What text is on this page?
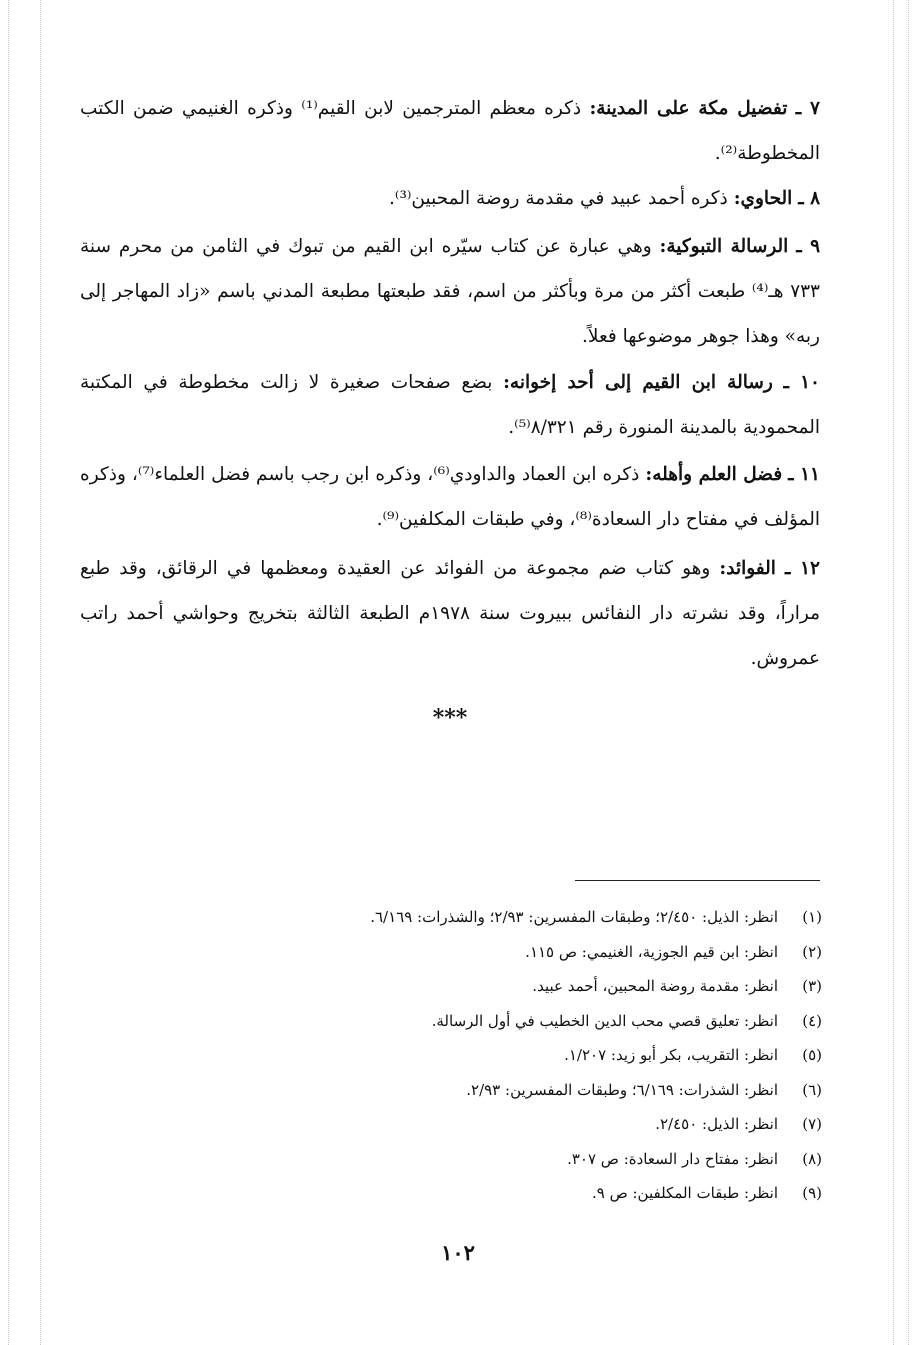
٧ ـ تفضيل مكة على المدينة: ذكره معظم المترجمين لابن القيم⁽¹⁾ وذكره الغنيمي ضمن الكتب المخطوطة⁽²⁾.

٨ ـ الحاوي: ذكره أحمد عبيد في مقدمة روضة المحبين⁽³⁾.

٩ ـ الرسالة التبوكية: وهي عبارة عن كتاب سيّره ابن القيم من تبوك في الثامن من محرم سنة ٧٣٣ هـ⁽⁴⁾ طبعت أكثر من مرة وبأكثر من اسم، فقد طبعتها مطبعة المدني باسم «زاد المهاجر إلى ربه» وهذا جوهر موضوعها فعلاً.

١٠ ـ رسالة ابن القيم إلى أحد إخوانه: بضع صفحات صغيرة لا زالت مخطوطة في المكتبة المحمودية بالمدينة المنورة رقم ٨/٣٢١⁽⁵⁾.

١١ ـ فضل العلم وأهله: ذكره ابن العماد والداودي⁽⁶⁾، وذكره ابن رجب باسم فضل العلماء⁽⁷⁾، وذكره المؤلف في مفتاح دار السعادة⁽⁸⁾، وفي طبقات المكلفين⁽⁹⁾.

١٢ ـ الفوائد: وهو كتاب ضم مجموعة من الفوائد عن العقيدة ومعظمها في الرقائق، وقد طبع مراراً، وقد نشرته دار النفائس ببيروت سنة ١٩٧٨م الطبعة الثالثة بتخريج وحواشي أحمد راتب عمروش.

***
(١)انظر: الذيل: ٢/٤٥٠؛ وطبقات المفسرين: ٢/٩٣؛ والشذرات: ٦/١٦٩.
(٢)انظر: ابن قيم الجوزية، الغنيمي: ص ١١٥.
(٣)انظر: مقدمة روضة المحبين، أحمد عبيد.
(٤)انظر: تعليق قصي محب الدين الخطيب في أول الرسالة.
(٥)انظر: التقريب، بكر أبو زيد: ١/٢٠٧.
(٦)انظر: الشذرات: ٦/١٦٩؛ وطبقات المفسرين: ٢/٩٣.
(٧)انظر: الذيل: ٢/٤٥٠.
(٨)انظر: مفتاح دار السعادة: ص ٣٠٧.
(٩)انظر: طبقات المكلفين: ص ٩.
١٠٢
